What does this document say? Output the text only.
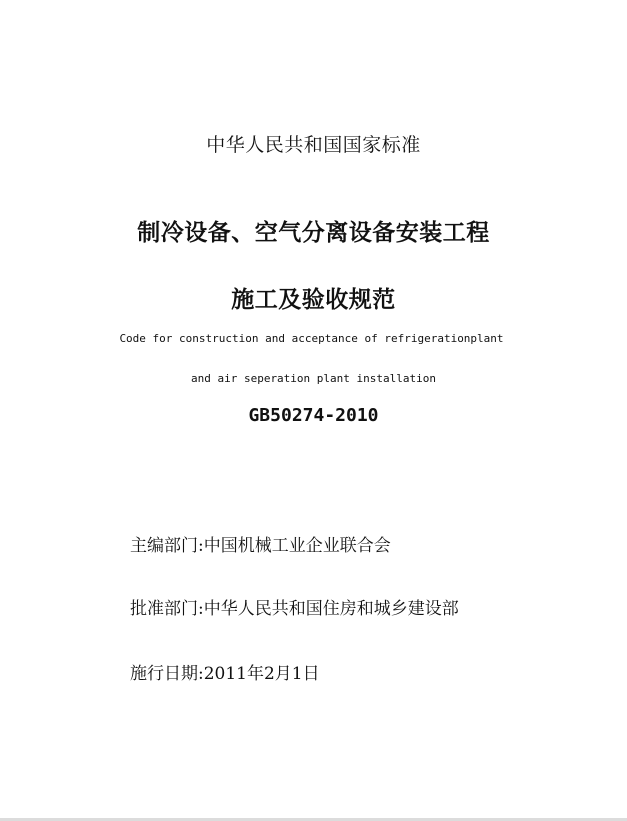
中华人民共和国国家标准
制冷设备、空气分离设备安装工程
施工及验收规范
Code for construction and acceptance of refrigerationplant
and air seperation plant installation
GB50274-2010
主编部门:中国机械工业企业联合会
批准部门:中华人民共和国住房和城乡建设部
施行日期:2011年2月1日
